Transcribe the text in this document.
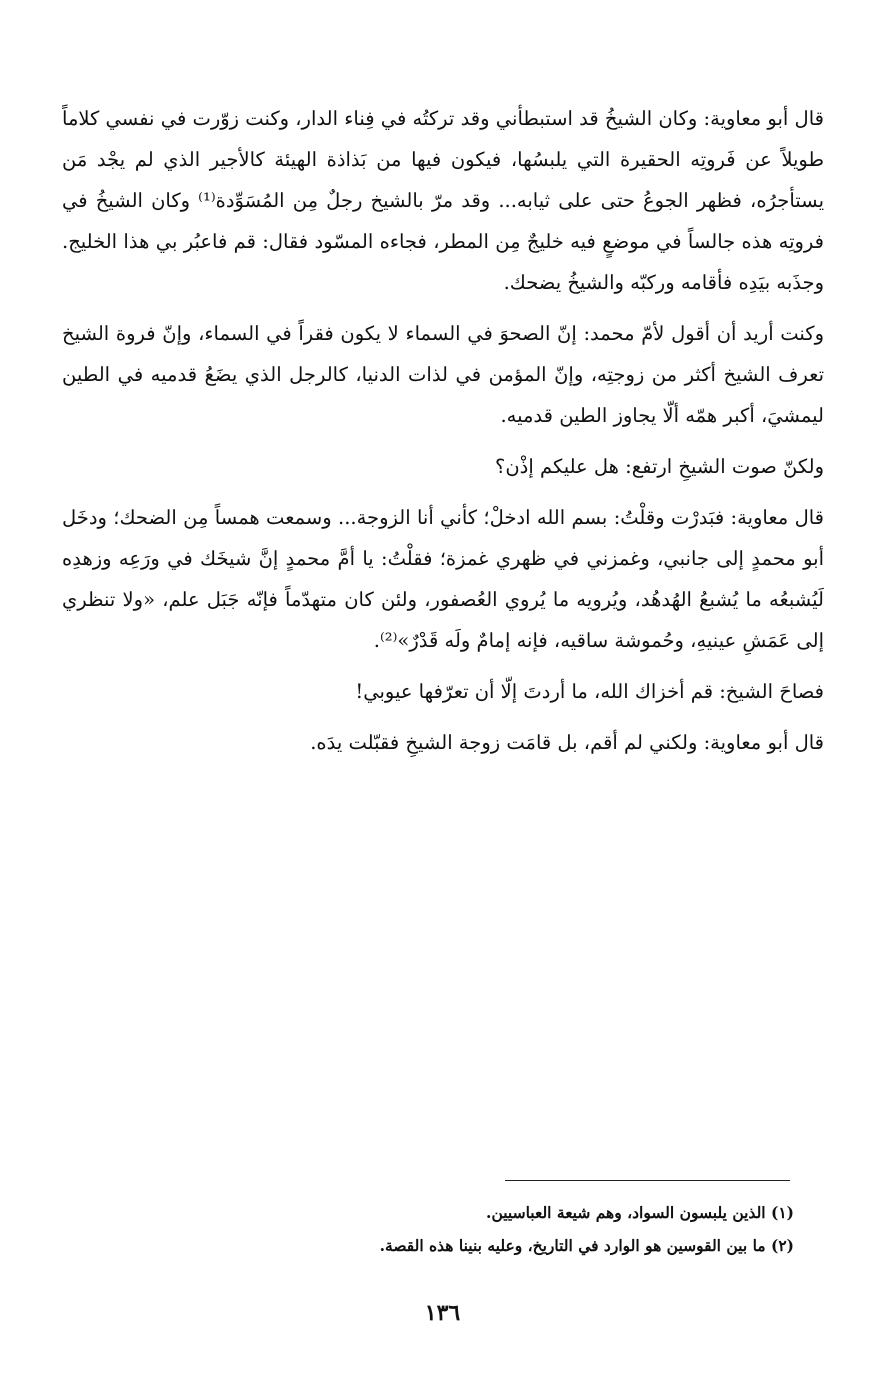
قال أبو معاوية: وكان الشيخُ قد استبطأني وقد تركتُه في فِناء الدار، وكنت زوّرت في نفسي كلاماً طويلاً عن فَروتِه الحقيرة التي يلبسُها، فيكون فيها من بَذاذة الهيئة كالأجير الذي لم يجْد مَن يستأجرُه، فظهر الجوعُ حتى على ثيابه... وقد مرّ بالشيخ رجلٌ مِن المُسَوِّدة⁽¹⁾ وكان الشيخُ في فروتِه هذه جالساً في موضعٍ فيه خليجٌ مِن المطر، فجاءه المسّود فقال: قم فاعبُر بي هذا الخليج. وجذَبه بيَدِه فأقامه وركبّه والشيخُ يضحك.

وكنت أريد أن أقول لأمّ محمد: إنّ الصحوَ في السماء لا يكون فقراً في السماء، وإنّ فروة الشيخ تعرف الشيخ أكثر من زوجتِه، وإنّ المؤمن في لذات الدنيا، كالرجل الذي يضَعُ قدميه في الطين ليمشيَ، أكبر همّه ألّا يجاوز الطين قدميه.

ولكنّ صوت الشيخِ ارتفع: هل عليكم إذْن؟

قال معاوية: فبَدرْت وقلْتُ: بسم الله ادخلْ؛ كأني أنا الزوجة... وسمعت همساً مِن الضحك؛ ودخَل أبو محمدٍ إلى جانبي، وغمزني في ظهري غمزة؛ فقلْتُ: يا أمَّ محمدٍ إنَّ شيخَك في ورَعِه وزهدِه لَيُشبعُه ما يُشبعُ الهُدهُد، ويُرويه ما يُروي العُصفور، ولئن كان متهدّماً فإنّه جَبَل علم، «ولا تنظري إلى عَمَشِ عينيهِ، وحُموشة ساقيه، فإنه إمامٌ ولَه قَدْرٌ»⁽²⁾.

فصاحَ الشيخ: قم أخزاك الله، ما أردتَ إلّا أن تعرّفها عيوبي!

قال أبو معاوية: ولكني لم أقم، بل قامَت زوجة الشيخِ فقبّلت يدَه.

(١) الذين يلبسون السواد، وهم شيعة العباسيين.
(٢) ما بين القوسين هو الوارد في التاريخ، وعليه بنينا هذه القصة.
١٣٦
